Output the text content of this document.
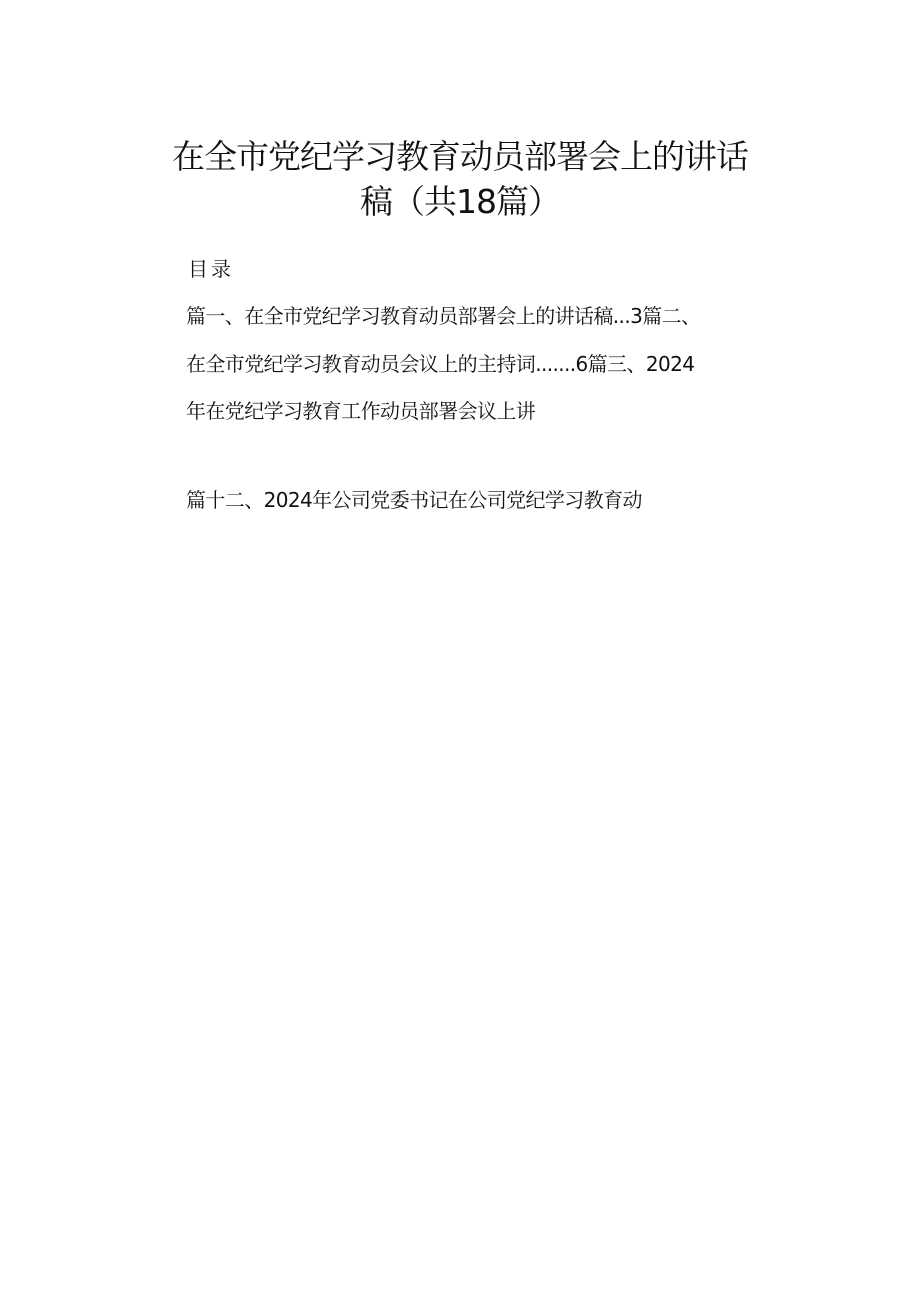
在全市党纪学习教育动员部署会上的讲话
稿（共18篇）
目录
篇一、在全市党纪学习教育动员部署会上的讲话稿...3篇二、
在全市党纪学习教育动员会议上的主持词.......6篇三、2024
年在党纪学习教育工作动员部署会议上讲
篇十二、2024年公司党委书记在公司党纪学习教育动
